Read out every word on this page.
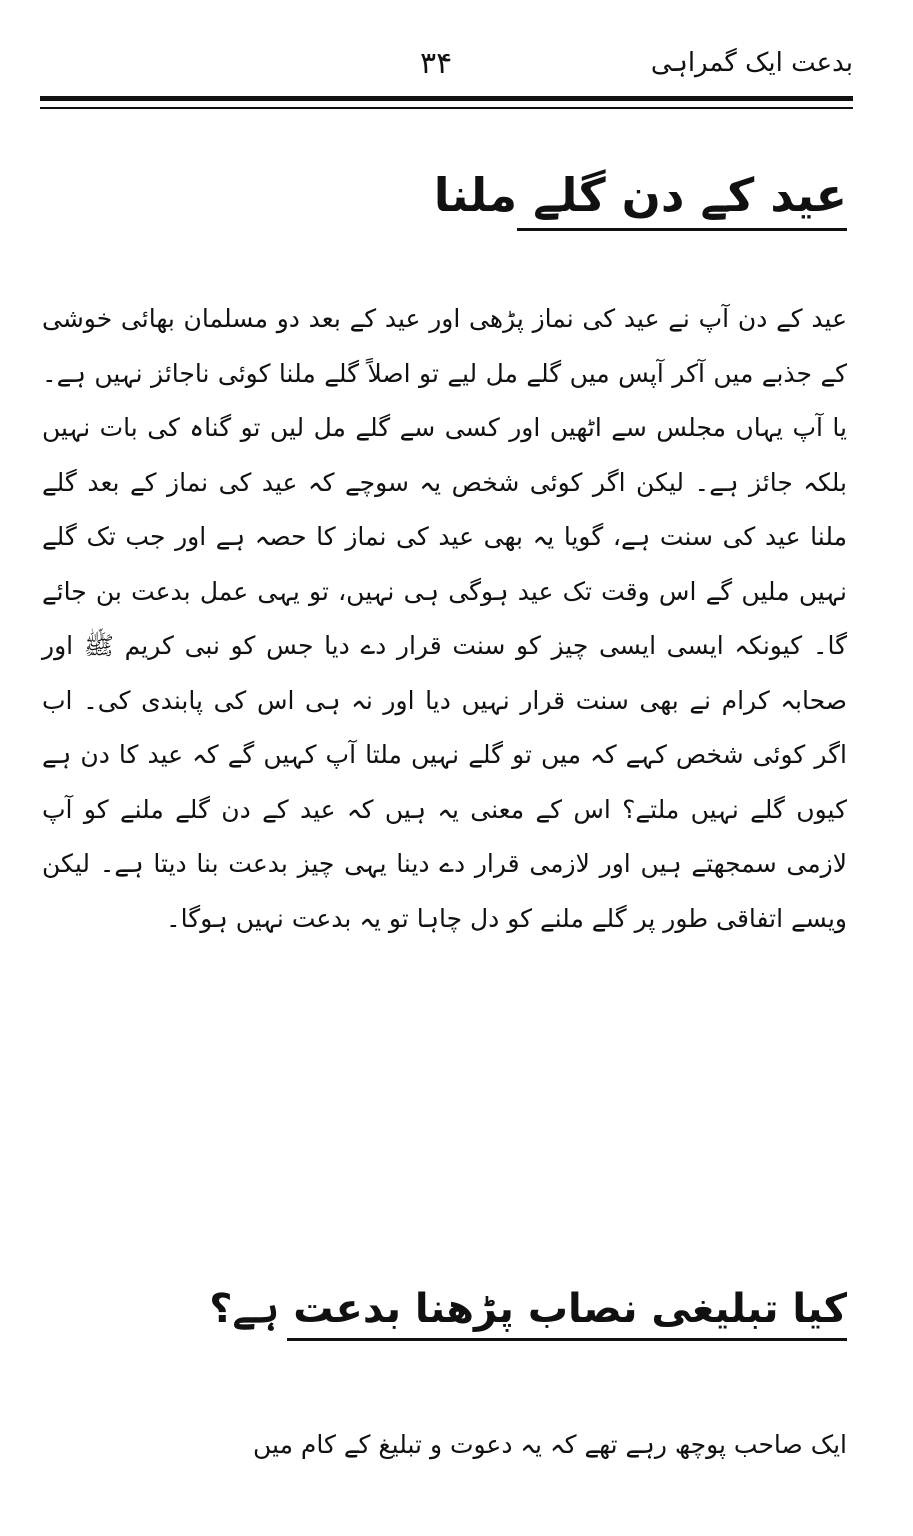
بدعت ایک گمراہی
۳۴
عید کے دن گلے ملنا

عید کے دن آپ نے عید کی نماز پڑھی اور عید کے بعد دو مسلمان بھائی خوشی کے جذبے میں آکر آپس میں گلے مل لیے تو اصلاً گلے ملنا کوئی ناجائز نہیں ہے۔ یا آپ یہاں مجلس سے اٹھیں اور کسی سے گلے مل لیں تو گناہ کی بات نہیں بلکہ جائز ہے۔ لیکن اگر کوئی شخص یہ سوچے کہ عید کی نماز کے بعد گلے ملنا عید کی سنت ہے، گویا یہ بھی عید کی نماز کا حصہ ہے اور جب تک گلے نہیں ملیں گے اس وقت تک عید ہوگی ہی نہیں، تو یہی عمل بدعت بن جائے گا۔ کیونکہ ایسی ایسی چیز کو سنت قرار دے دیا جس کو نبی کریم ﷺ اور صحابہ کرام نے بھی سنت قرار نہیں دیا اور نہ ہی اس کی پابندی کی۔ اب اگر کوئی شخص کہے کہ میں تو گلے نہیں ملتا آپ کہیں گے کہ عید کا دن ہے کیوں گلے نہیں ملتے؟ اس کے معنی یہ ہیں کہ عید کے دن گلے ملنے کو آپ لازمی سمجھتے ہیں اور لازمی قرار دے دینا یہی چیز بدعت بنا دیتا ہے۔ لیکن ویسے اتفاقی طور پر گلے ملنے کو دل چاہا تو یہ بدعت نہیں ہوگا۔

کیا تبلیغی نصاب پڑھنا بدعت ہے؟

ایک صاحب پوچھ رہے تھے کہ یہ دعوت و تبلیغ کے کام میں
